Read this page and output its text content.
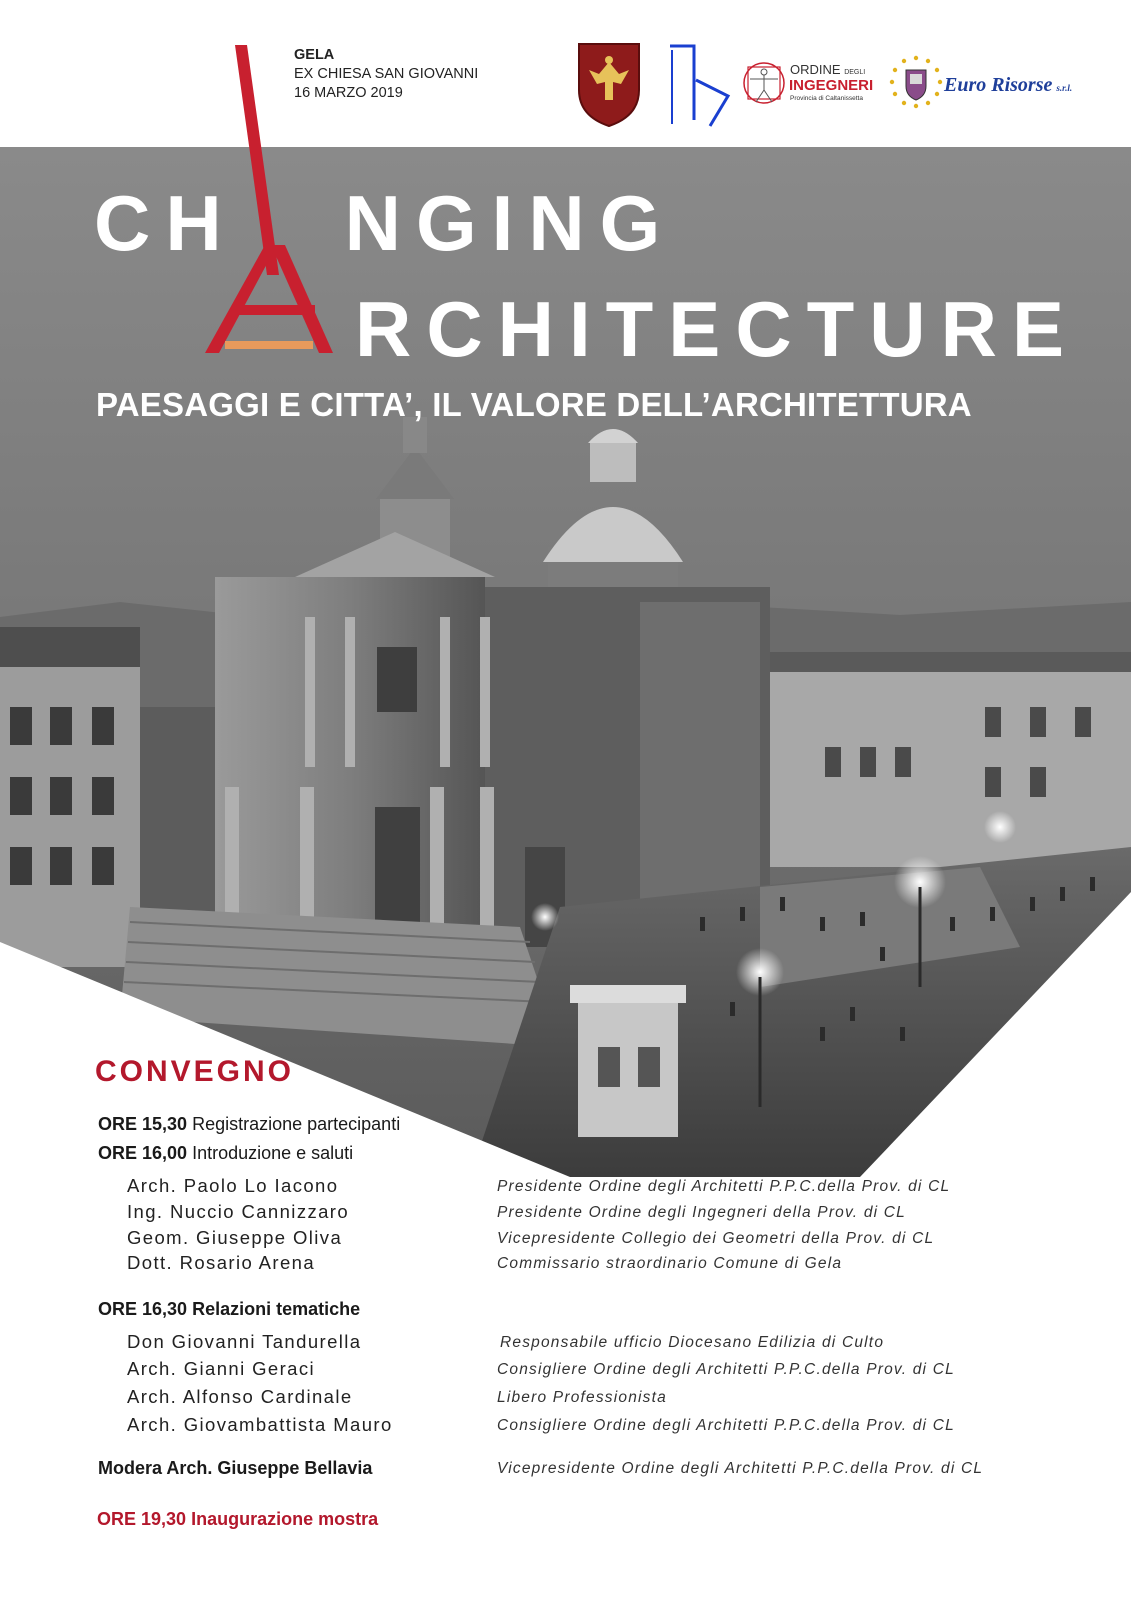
GELA
EX CHIESA SAN GIOVANNI
16 MARZO 2019
ORDINE DEGLI
INGEGNERI
Provincia di Caltanissetta
Euro Risorse s.r.l.
CH NGING
RCHITECTURE
PAESAGGI E CITTA’, IL VALORE DELL’ARCHITETTURA
CONVEGNO
ORE 15,30 Registrazione partecipanti
ORE 16,00 Introduzione e saluti
Arch. Paolo Lo Iacono	Presidente Ordine degli Architetti P.P.C.della Prov. di CL
Ing. Nuccio Cannizzaro	Presidente Ordine degli Ingegneri della Prov. di CL
Geom. Giuseppe Oliva	Vicepresidente Collegio dei Geometri della Prov. di CL
Dott. Rosario Arena	Commissario straordinario Comune di Gela
ORE 16,30 Relazioni tematiche
Don Giovanni Tandurella	Responsabile ufficio Diocesano Edilizia di Culto
Arch. Gianni Geraci	Consigliere Ordine degli Architetti P.P.C.della Prov. di CL
Arch. Alfonso Cardinale	Libero Professionista
Arch. Giovambattista Mauro	Consigliere Ordine degli Architetti P.P.C.della Prov. di CL
Modera Arch. Giuseppe Bellavia	Vicepresidente Ordine degli Architetti P.P.C.della Prov. di CL
ORE 19,30 Inaugurazione mostra
